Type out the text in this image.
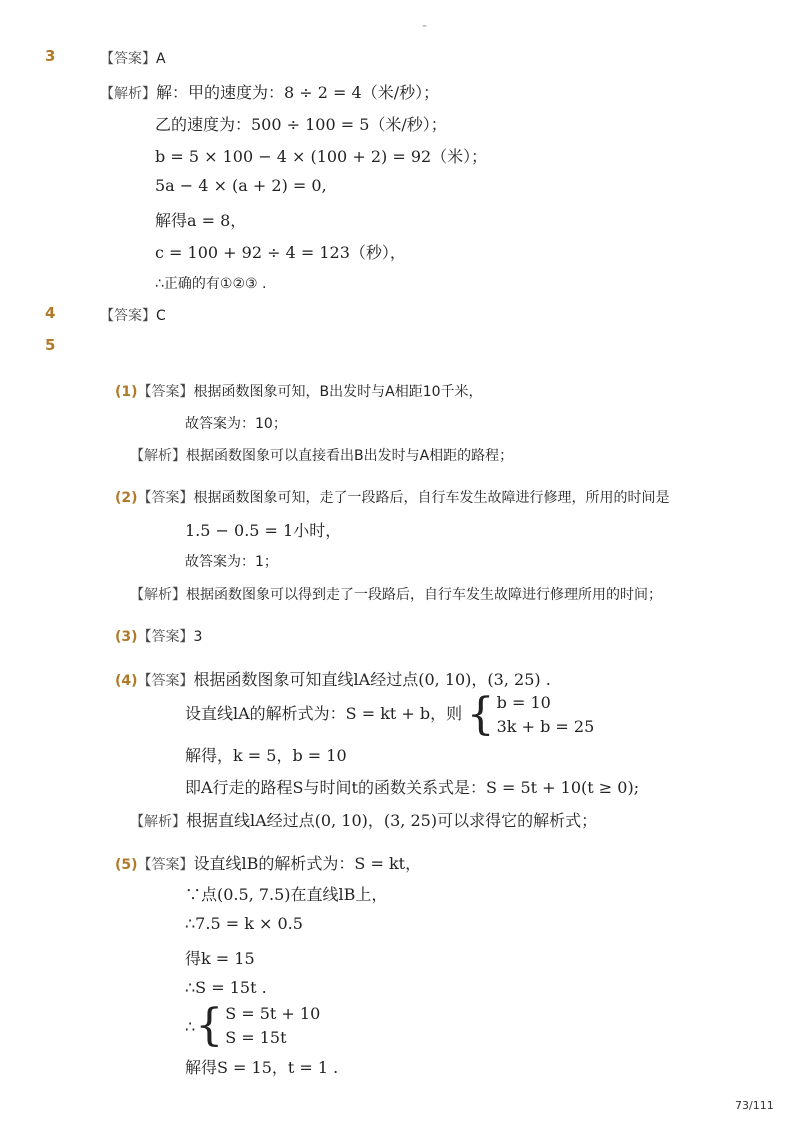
-
3	【答案】A
【解析】解：甲的速度为：8 ÷ 2 = 4（米/秒）；
乙的速度为：500 ÷ 100 = 5（米/秒）；
b = 5 × 100 − 4 × (100 + 2) = 92（米）；
5a − 4 × (a + 2) = 0,
解得a = 8，
c = 100 + 92 ÷ 4 = 123（秒），
∴正确的有①②③ .
4	【答案】C
5
(1)【答案】根据函数图象可知，B出发时与A相距10千米，
故答案为：10；
【解析】根据函数图象可以直接看出B出发时与A相距的路程；
(2)【答案】根据函数图象可知，走了一段路后，自行车发生故障进行修理，所用的时间是
1.5 − 0.5 = 1小时，
故答案为：1；
【解析】根据函数图象可以得到走了一段路后，自行车发生故障进行修理所用的时间；
(3)【答案】3
(4)【答案】根据函数图象可知直线lA经过点(0, 10)，(3, 25) .
设直线lA的解析式为：S = kt + b，则 { b = 10
3k + b = 25
解得，k = 5，b = 10
即A行走的路程S与时间t的函数关系式是：S = 5t + 10(t ≥ 0);
【解析】根据直线lA经过点(0, 10)，(3, 25)可以求得它的解析式；
(5)【答案】设直线lB的解析式为：S = kt，
∵点(0.5, 7.5)在直线lB上，
∴7.5 = k × 0.5
得k = 15
∴S = 15t .
∴ { S = 5t + 10
S = 15t
解得S = 15，t = 1 .
73/111
